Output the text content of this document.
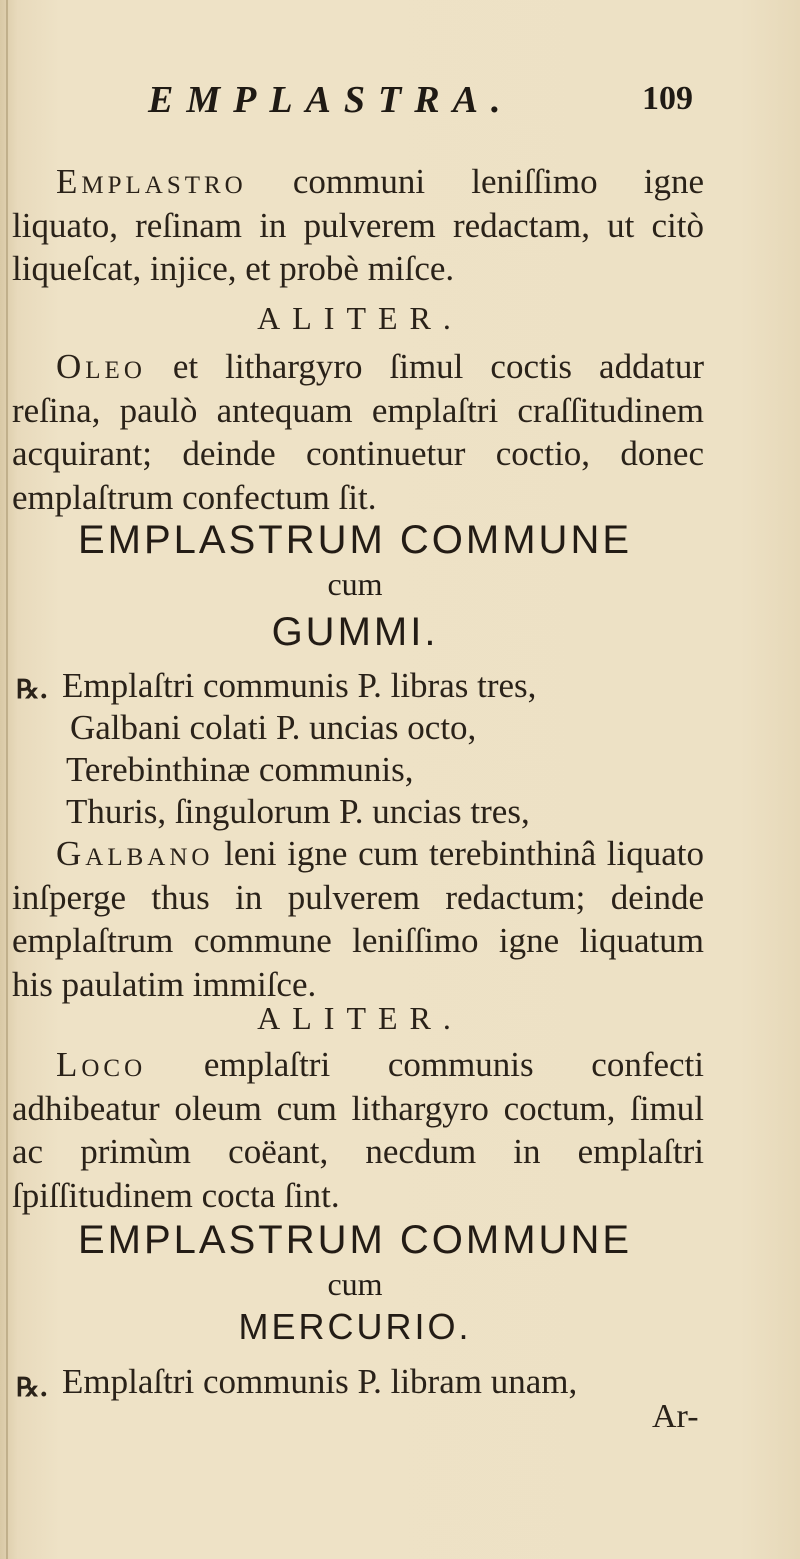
EMPLASTRA.	109
Emplastro communi leniſſimo igne liquato, reſinam in pulverem redactam, ut citò liqueſcat, injice, et probè miſce.
ALITER.
Oleo et lithargyro ſimul coctis addatur reſina, paulò antequam emplaſtri craſſitudinem acquirant; deinde continuetur coctio, donec emplaſtrum confectum ſit.
EMPLASTRUM COMMUNE
cum
GUMMI.
℞. Emplaſtri communis P. libras tres,
Galbani colati P. uncias octo,
Terebinthinæ communis,
Thuris, ſingulorum P. uncias tres,
Galbano leni igne cum terebinthinâ liquato inſperge thus in pulverem redactum; deinde emplaſtrum commune leniſſimo igne liquatum his paulatim immiſce.
ALITER.
Loco emplaſtri communis confecti adhibeatur oleum cum lithargyro coctum, ſimul ac primùm coëant, necdum in emplaſtri ſpiſſitudinem cocta ſint.
EMPLASTRUM COMMUNE
cum
MERCURIO.
℞. Emplaſtri communis P. libram unam,
Ar-
